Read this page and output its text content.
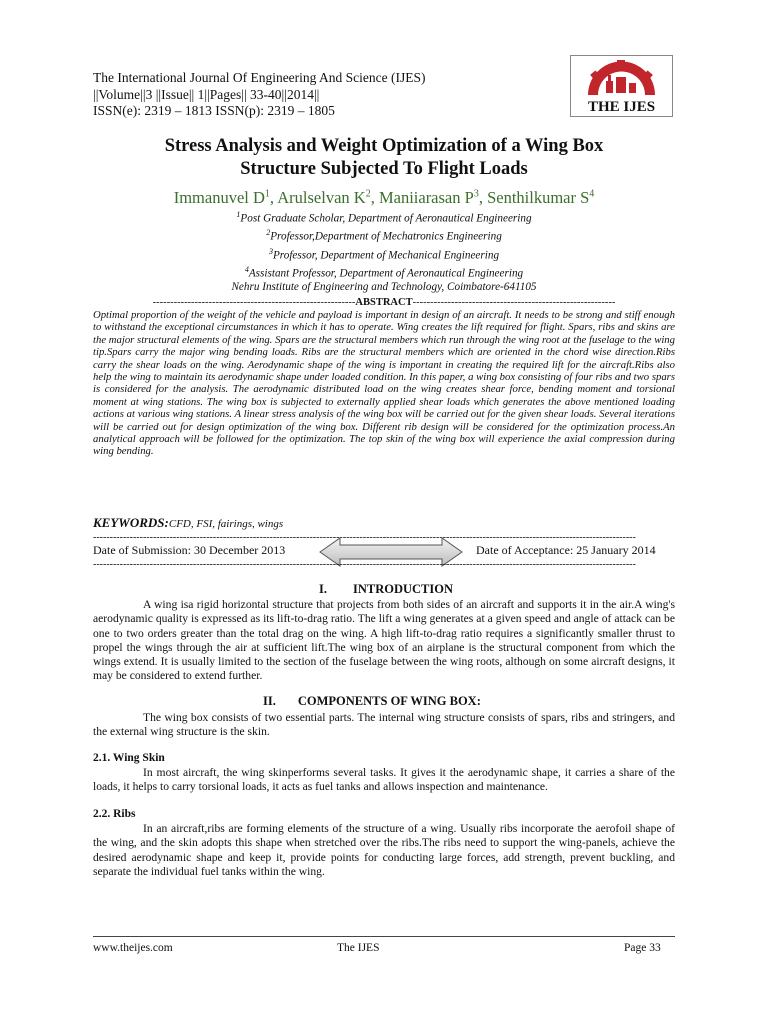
The International Journal Of Engineering And Science (IJES)
||Volume||3 ||Issue|| 1||Pages|| 33-40||2014||
ISSN(e): 2319 – 1813 ISSN(p): 2319 – 1805	THE IJES
Stress Analysis and Weight Optimization of a Wing Box
Structure Subjected To Flight Loads
Immanuvel $D^1$, Arulselvan $K^2$, Maniiarasan $P^3$, Senthilkumar $S^4$
$^1$Post Graduate Scholar, Department of Aeronautical Engineering
$^2$Professor,Department of Mechatronics Engineering
$^3$Professor, Department of Mechanical Engineering
$^4$Assistant Professor, Department of Aeronautical Engineering
Nehru Institute of Engineering and Technology, Coimbatore-641105
----------------------------------------------------------ABSTRACT----------------------------------------------------------
Optimal proportion of the weight of the vehicle and payload is important in design of an aircraft. It needs to be strong and stiff enough to withstand the exceptional circumstances in which it has to operate. Wing creates the lift required for flight. Spars, ribs and skins are the major structural elements of the wing. Spars are the structural members which run through the wing root at the fuselage to the wing tip.Spars carry the major wing bending loads. Ribs are the structural members which are oriented in the chord wise direction.Ribs carry the shear loads on the wing. Aerodynamic shape of the wing is important in creating the required lift for the aircraft.Ribs also help the wing to maintain its aerodynamic shape under loaded condition. In this paper, a wing box consisting of four ribs and two spars is considered for the analysis. The aerodynamic distributed load on the wing creates shear force, bending moment and torsional moment at wing stations. The wing box is subjected to externally applied shear loads which generates the above mentioned loading actions at various wing stations. A linear stress analysis of the wing box will be carried out for the given shear loads. Several iterations will be carried out for design optimization of the wing box. Different rib design will be considered for the optimization process.An analytical approach will be followed for the optimization. The top skin of the wing box will experience the axial compression during wing bending.
KEYWORDS:CFD, FSI, fairings, wings
-------------------------------------------------------------------------------------------------------------------------------------------------------------------
Date of Submission: 30 December 2013	Date of Acceptance: 25 January 2014
-------------------------------------------------------------------------------------------------------------------------------------------------------------------
I. INTRODUCTION
A wing isa rigid horizontal structure that projects from both sides of an aircraft and supports it in the air.A wing's aerodynamic quality is expressed as its lift-to-drag ratio. The lift a wing generates at a given speed and angle of attack can be one to two orders greater than the total drag on the wing. A high lift-to-drag ratio requires a significantly smaller thrust to propel the wings through the air at sufficient lift.The wing box of an airplane is the structural component from which the wings extend. It is usually limited to the section of the fuselage between the wing roots, although on some aircraft designs, it may be considered to extend further.
II. COMPONENTS OF WING BOX:
The wing box consists of two essential parts. The internal wing structure consists of spars, ribs and stringers, and the external wing structure is the skin.
2.1. Wing Skin
In most aircraft, the wing skinperforms several tasks. It gives it the aerodynamic shape, it carries a share of the loads, it helps to carry torsional loads, it acts as fuel tanks and allows inspection and maintenance.
2.2. Ribs
In an aircraft,ribs are forming elements of the structure of a wing. Usually ribs incorporate the aerofoil shape of the wing, and the skin adopts this shape when stretched over the ribs.The ribs need to support the wing-panels, achieve the desired aerodynamic shape and keep it, provide points for conducting large forces, add strength, prevent buckling, and separate the individual fuel tanks within the wing.
www.theijes.com	The IJES	Page 33
